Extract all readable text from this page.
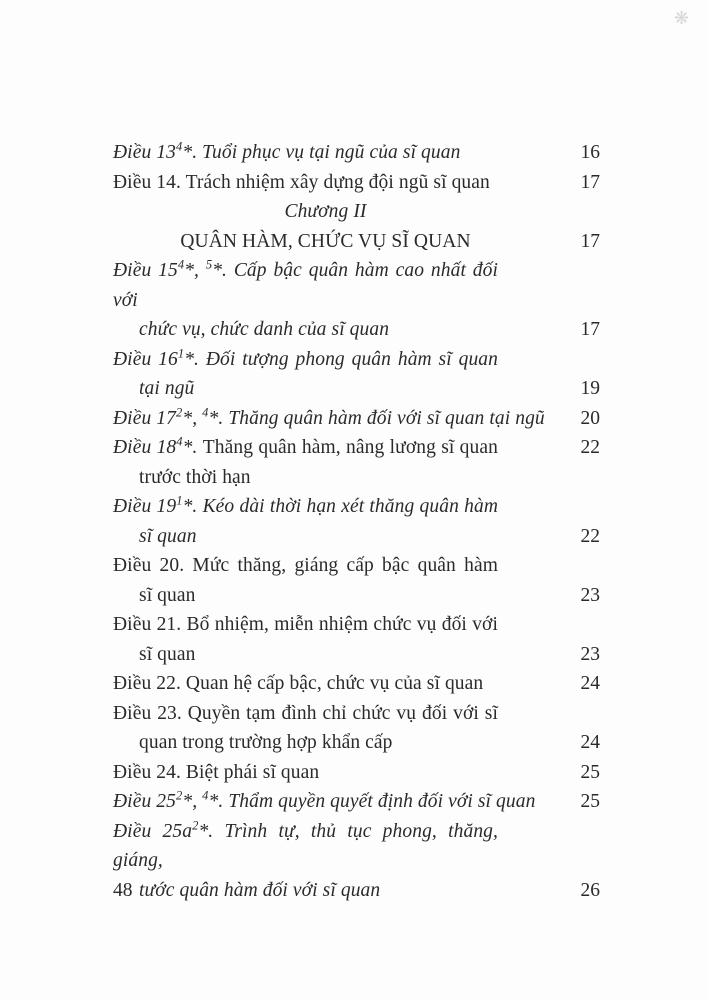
❋
Điều $13^4*$. Tuổi phục vụ tại ngũ của sĩ quan	16
Điều 14. Trách nhiệm xây dựng đội ngũ sĩ quan	17
Chương II
QUÂN HÀM, CHỨC VỤ SĨ QUAN	17
Điều $15^4*$, $^5$*. Cấp bậc quân hàm cao nhất đối với
chức vụ, chức danh của sĩ quan	17
Điều $16^1*$. Đối tượng phong quân hàm sĩ quan
tại ngũ	19
Điều $17^2*$, $^4$*. Thăng quân hàm đối với sĩ quan tại ngũ	20
Điều $18^4*$. Thăng quân hàm, nâng lương sĩ quan	22
trước thời hạn
Điều $19^1*$. Kéo dài thời hạn xét thăng quân hàm
sĩ quan	22
Điều 20. Mức thăng, giáng cấp bậc quân hàm
sĩ quan	23
Điều 21. Bổ nhiệm, miễn nhiệm chức vụ đối với
sĩ quan	23
Điều 22. Quan hệ cấp bậc, chức vụ của sĩ quan	24
Điều 23. Quyền tạm đình chỉ chức vụ đối với sĩ
quan trong trường hợp khẩn cấp	24
Điều 24. Biệt phái sĩ quan	25
Điều $25^2*$, $^4$*. Thẩm quyền quyết định đối với sĩ quan	25
Điều $25a^2*$. Trình tự, thủ tục phong, thăng, giáng,
tước quân hàm đối với sĩ quan	26
48
